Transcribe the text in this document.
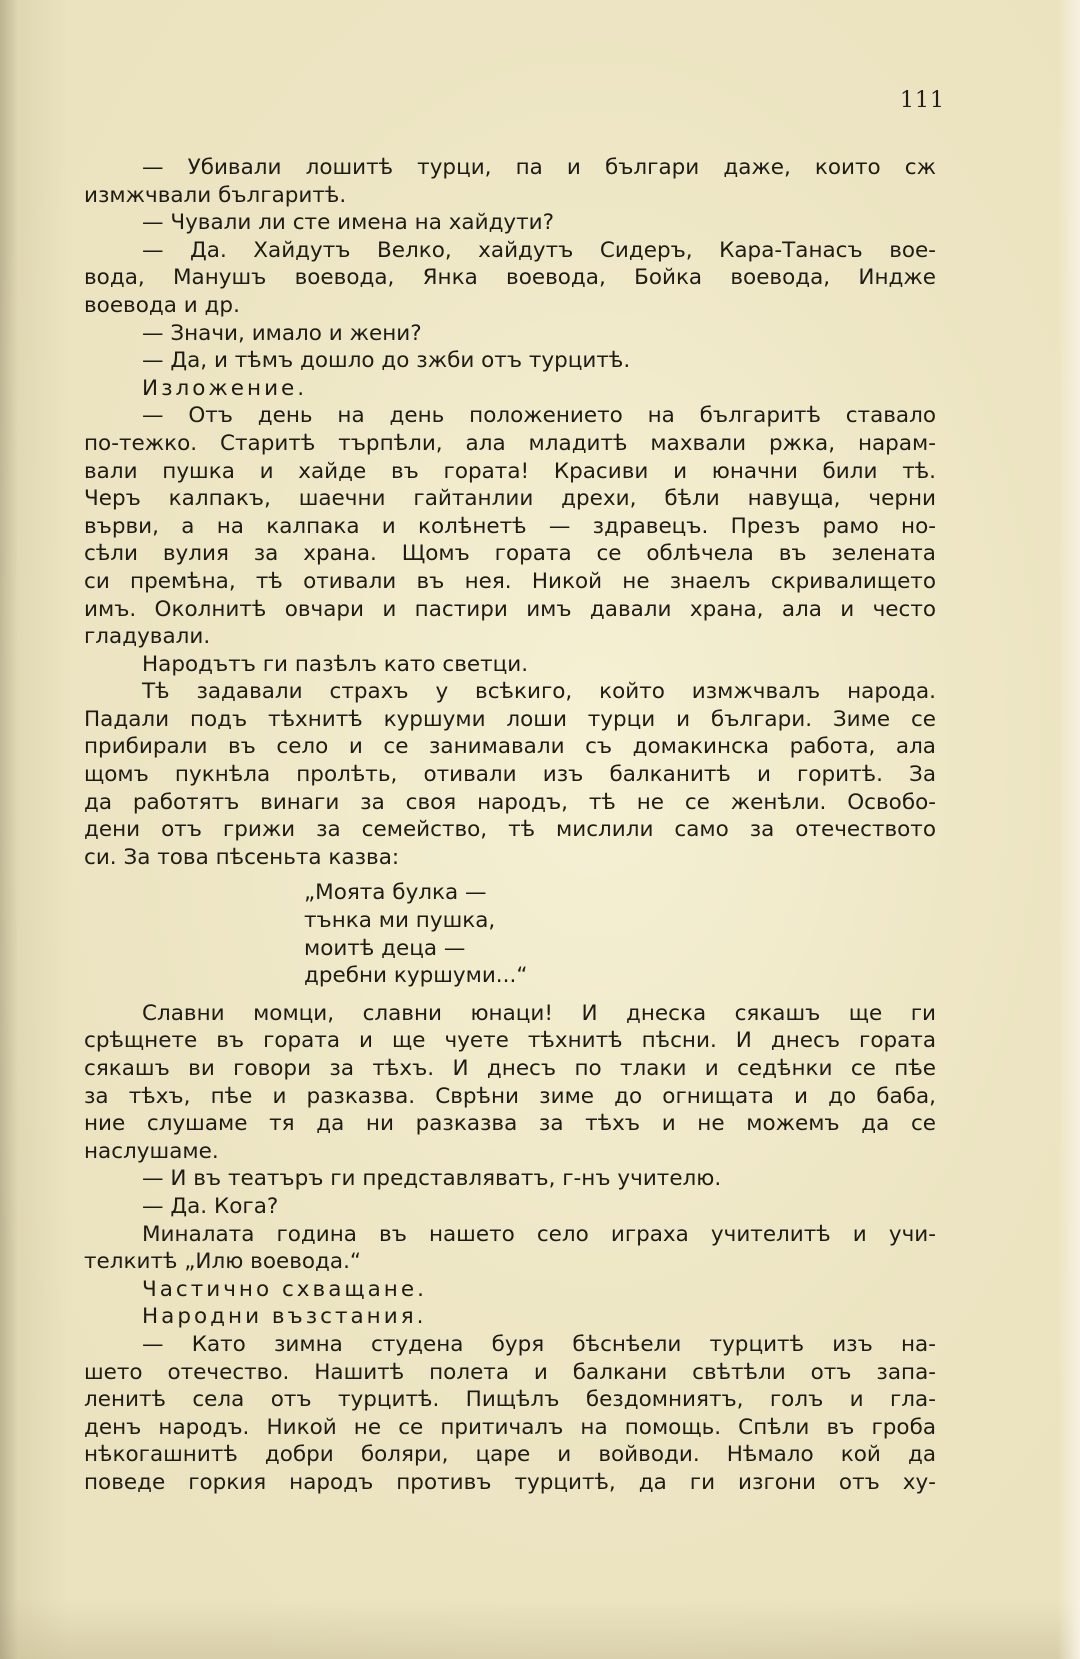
111
— Убивали лошитѣ турци, па и българи даже, които сж
измжчвали българитѣ.
— Чували ли сте имена на хайдути?
— Да. Хайдутъ Велко, хайдутъ Сидеръ, Кара-Танасъ вое-
вода, Манушъ воевода, Янка воевода, Бойка воевода, Индже
воевода и др.
— Значи, имало и жени?
— Да, и тѣмъ дошло до зжби отъ турцитѣ.
Изложение.
— Отъ день на день положението на българитѣ ставало
по-тежко. Старитѣ търпѣли, ала младитѣ махвали ржка, нарам-
вали пушка и хайде въ гората! Красиви и юначни били тѣ.
Черъ калпакъ, шаечни гайтанлии дрехи, бѣли навуща, черни
върви, а на калпака и колѣнетѣ — здравецъ. Презъ рамо но-
сѣли вулия за храна. Щомъ гората се облѣчела въ зелената
си премѣна, тѣ отивали въ нея. Никой не знаелъ скривалището
имъ. Околнитѣ овчари и пастири имъ давали храна, ала и често
гладували.
Народътъ ги пазѣлъ като светци.
Тѣ задавали страхъ у всѣкиго, който измжчвалъ народа.
Падали подъ тѣхнитѣ куршуми лоши турци и българи. Зиме се
прибирали въ село и се занимавали съ домакинска работа, ала
щомъ пукнѣла пролѣть, отивали изъ балканитѣ и горитѣ. За
да работятъ винаги за своя народъ, тѣ не се женѣли. Освобо-
дени отъ грижи за семейство, тѣ мислили само за отечеството
си. За това пѣсеньта казва:
„Моята булка —
тънка ми пушка,
моитѣ деца —
дребни куршуми...“
Славни момци, славни юнаци! И днеска сякашъ ще ги
срѣщнете въ гората и ще чуете тѣхнитѣ пѣсни. И днесъ гората
сякашъ ви говори за тѣхъ. И днесъ по тлаки и седѣнки се пѣе
за тѣхъ, пѣе и разказва. Сврѣни зиме до огнищата и до баба,
ние слушаме тя да ни разказва за тѣхъ и не можемъ да се
наслушаме.
— И въ театъръ ги представляватъ, г-нъ учителю.
— Да. Кога?
Миналата година въ нашето село играха учителитѣ и учи-
телкитѣ „Илю воевода.“
Частично схващане.
Народни възстания.
— Като зимна студена буря бѣснѣели турцитѣ изъ на-
шето отечество. Нашитѣ полета и балкани свѣтѣли отъ запа-
ленитѣ села отъ турцитѣ. Пищѣлъ бездомниятъ, голъ и гла-
денъ народъ. Никой не се притичалъ на помощь. Спѣли въ гроба
нѣкогашнитѣ добри боляри, царе и войводи. Нѣмало кой да
поведе горкия народъ противъ турцитѣ, да ги изгони отъ ху-
